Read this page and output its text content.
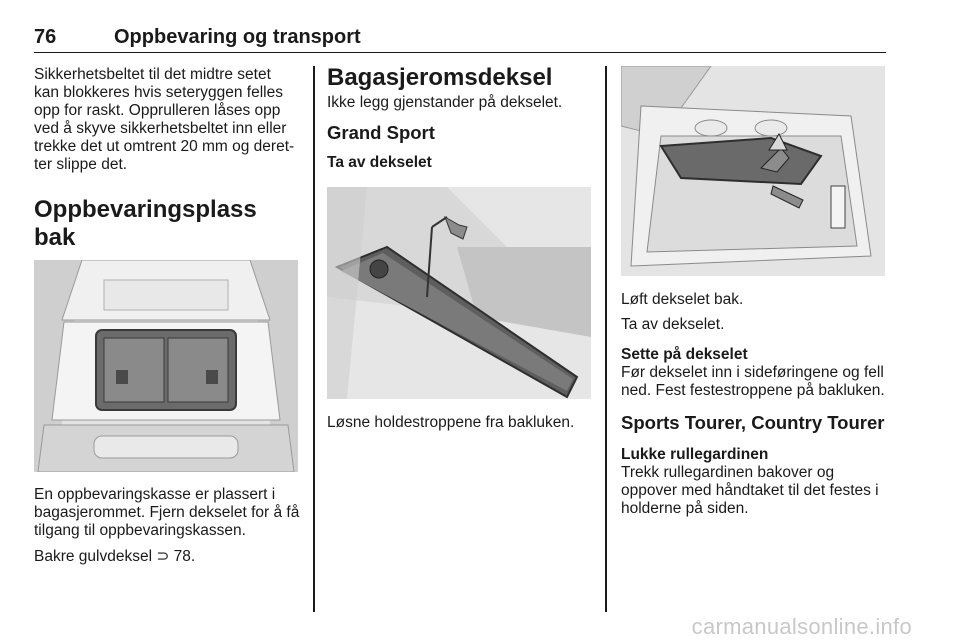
76	Oppbevaring og transport

Sikkerhetsbeltet til det midtre setet kan blokkeres hvis seteryggen felles opp for raskt. Opprulleren låses opp ved å skyve sikkerhetsbeltet inn eller trekke det ut omtrent 20 mm og deret-ter slippe det.

Oppbevaringsplass bak

En oppbevaringskasse er plassert i bagasjerommet. Fjern dekselet for å få tilgang til oppbevaringskassen.

Bakre gulvdeksel ⊃ 78.

Bagasjeromsdeksel

Ikke legg gjenstander på dekselet.

Grand Sport
Ta av dekselet

Løsne holdestroppene fra bakluken.

Løft dekselet bak.

Ta av dekselet.

Sette på dekselet

Før dekselet inn i sideføringene og fell ned. Fest festestroppene på bakluken.

Sports Tourer, Country Tourer
Lukke rullegardinen

Trekk rullegardinen bakover og oppover med håndtaket til det festes i holderne på siden.

carmanualsonline.info
